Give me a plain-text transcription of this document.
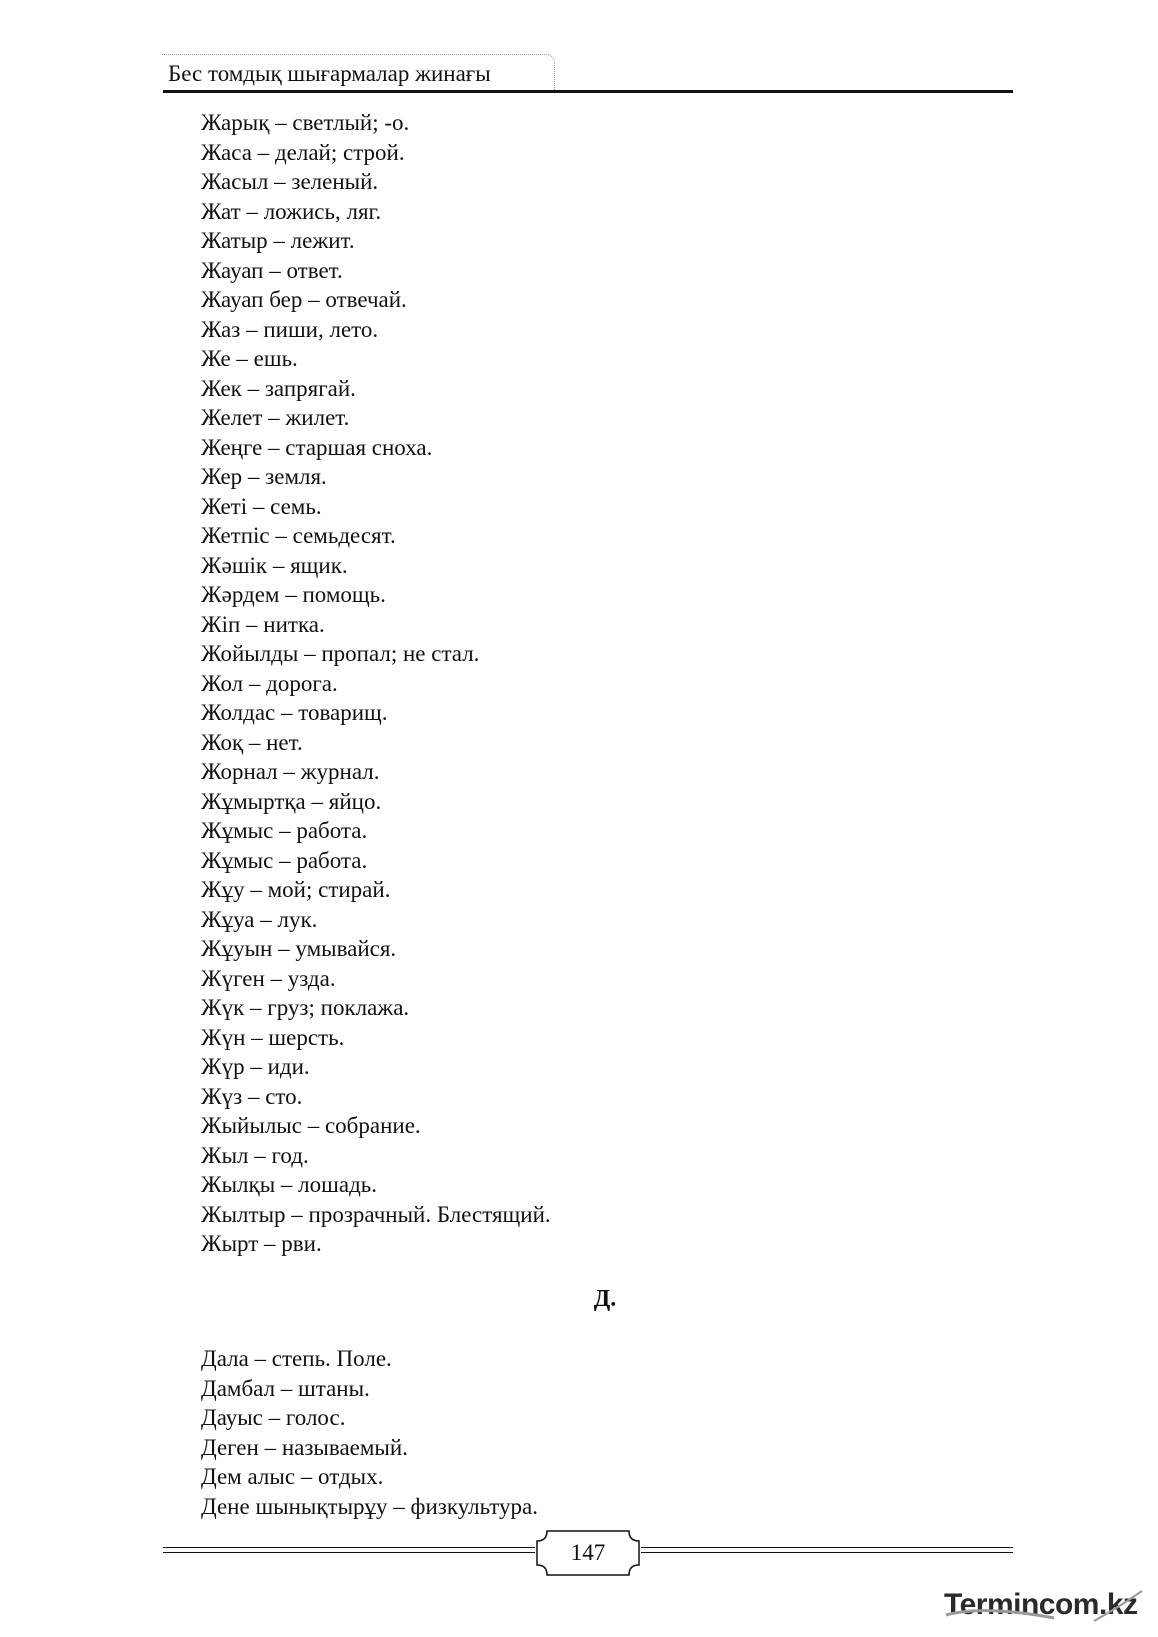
Бес томдық шығармалар жинағы
Жарық – светлый; -о.
Жаса – делай; строй.
Жасыл – зеленый.
Жат – ложись, ляг.
Жатыр – лежит.
Жауап – ответ.
Жауап бер – отвечай.
Жаз – пиши, лето.
Же – ешь.
Жек – запрягай.
Желет – жилет.
Жеңге – старшая сноха.
Жер – земля.
Жеті – семь.
Жетпіс – семьдесят.
Жәшік – ящик.
Жәрдем – помощь.
Жіп – нитка.
Жойылды – пропал; не стал.
Жол – дорога.
Жолдас – товарищ.
Жоқ – нет.
Жорнал – журнал.
Жұмыртқа – яйцо.
Жұмыс – работа.
Жұмыс – работа.
Жұу – мой; стирай.
Жұуа – лук.
Жұуын – умывайся.
Жүген – узда.
Жүк – груз; поклажа.
Жүн – шерсть.
Жүр – иди.
Жүз – сто.
Жыйылыс – собрание.
Жыл – год.
Жылқы – лошадь.
Жылтыр – прозрачный. Блестящий.
Жырт – рви.
Д.
Дала – степь. Поле.
Дамбал – штаны.
Дауыс – голос.
Деген – называемый.
Дем алыс – отдых.
Дене шынықтырұу – физкультура.
147
Termincom.kz
